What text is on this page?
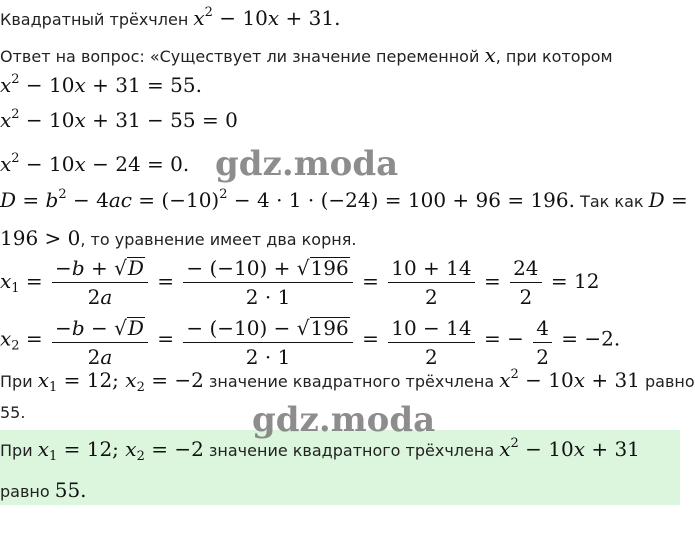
Квадратный трёхчлен $x^2 - 10x + 31$.
Ответ на вопрос: «Существует ли значение переменной x, при котором
$x^2 - 10x + 31 = 55$.
$x^2 - 10x + 31 - 55 = 0$
$x^2 - 10x - 24 = 0$.
$D = b^2 - 4ac = (-10)^2 - 4 \cdot 1 \cdot (-24) = 100 + 96 = 196$. Так как D =
196 > 0, то уравнение имеет два корня.
$x_1 = \frac{-b + √D}{2a} = \frac{- (-10) + √196}{2 \cdot 1} = \frac{10 + 14}{2} = \frac{24}{2} = 12$
$x_2 = \frac{-b - √D}{2a} = \frac{- (-10) - √196}{2 \cdot 1} = \frac{10 - 14}{2}$ = − $\frac{4}{2} = -2$.
При $x_1 = 12$; $x_2 = -2$ значение квадратного трёхчлена $x^2 - 10x + 31$ равно
55.
При $x_1 = 12$; $x_2 = -2$ значение квадратного трёхчлена $x^2 - 10x + 31$
равно 55.
gdz.moda
gdz.moda
